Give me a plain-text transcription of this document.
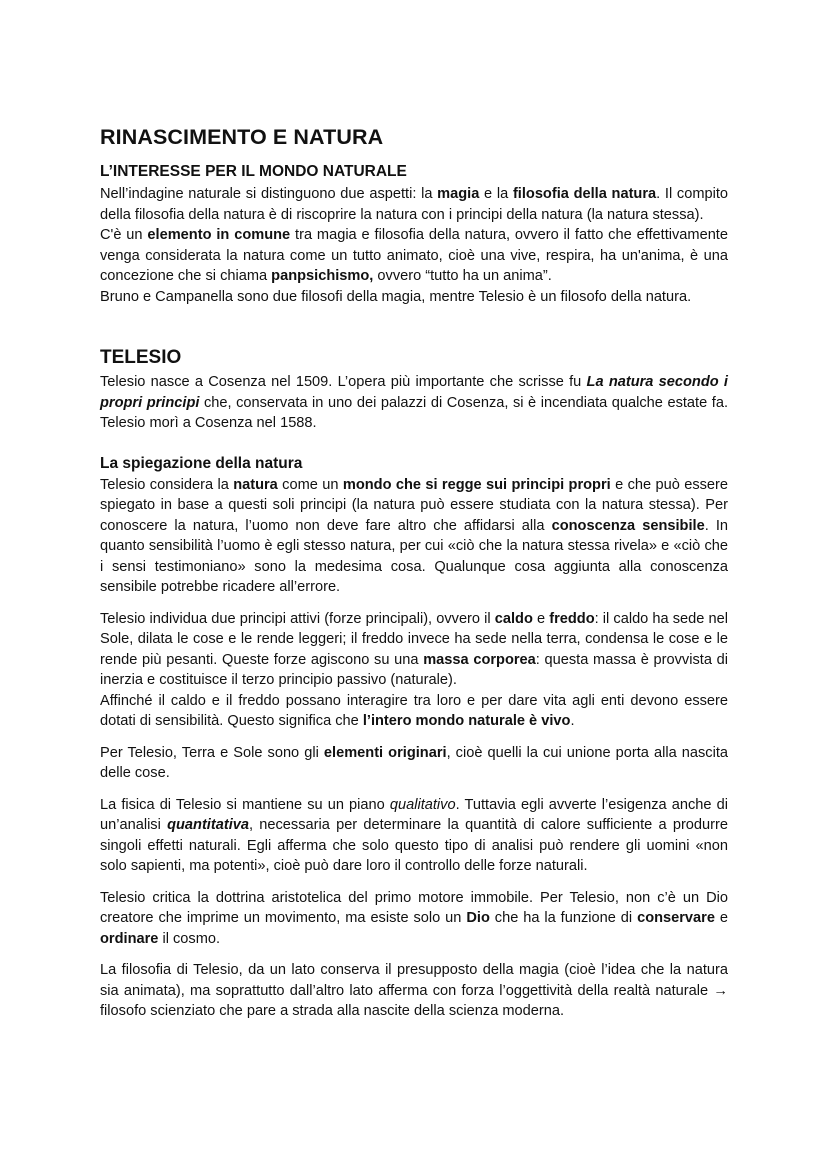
RINASCIMENTO E NATURA
L’INTERESSE PER IL MONDO NATURALE

Nell’indagine naturale si distinguono due aspetti: la magia e la filosofia della natura. Il compito della filosofia della natura è di riscoprire la natura con i principi della natura (la natura stessa).

C'è un elemento in comune tra magia e filosofia della natura, ovvero il fatto che effettivamente venga considerata la natura come un tutto animato, cioè una vive, respira, ha un'anima, è una concezione che si chiama panpsichismo, ovvero “tutto ha un anima”.

Bruno e Campanella sono due filosofi della magia, mentre Telesio è un filosofo della natura.

TELESIO

Telesio nasce a Cosenza nel 1509. L’opera più importante che scrisse fu La natura secondo i propri principi che, conservata in uno dei palazzi di Cosenza, si è incendiata qualche estate fa. Telesio morì a Cosenza nel 1588.

La spiegazione della natura

Telesio considera la natura come un mondo che si regge sui principi propri e che può essere spiegato in base a questi soli principi (la natura può essere studiata con la natura stessa). Per conoscere la natura, l’uomo non deve fare altro che affidarsi alla conoscenza sensibile. In quanto sensibilità l’uomo è egli stesso natura, per cui «ciò che la natura stessa rivela» e «ciò che i sensi testimoniano» sono la medesima cosa. Qualunque cosa aggiunta alla conoscenza sensibile potrebbe ricadere all’errore.

Telesio individua due principi attivi (forze principali), ovvero il caldo e freddo: il caldo ha sede nel Sole, dilata le cose e le rende leggeri; il freddo invece ha sede nella terra, condensa le cose e le rende più pesanti. Queste forze agiscono su una massa corporea: questa massa è provvista di inerzia e costituisce il terzo principio passivo (naturale).

Affinché il caldo e il freddo possano interagire tra loro e per dare vita agli enti devono essere dotati di sensibilità. Questo significa che l’intero mondo naturale è vivo.

Per Telesio, Terra e Sole sono gli elementi originari, cioè quelli la cui unione porta alla nascita delle cose.

La fisica di Telesio si mantiene su un piano qualitativo. Tuttavia egli avverte l’esigenza anche di un’analisi quantitativa, necessaria per determinare la quantità di calore sufficiente a produrre singoli effetti naturali. Egli afferma che solo questo tipo di analisi può rendere gli uomini «non solo sapienti, ma potenti», cioè può dare loro il controllo delle forze naturali.

Telesio critica la dottrina aristotelica del primo motore immobile. Per Telesio, non c’è un Dio creatore che imprime un movimento, ma esiste solo un Dio che ha la funzione di conservare e ordinare il cosmo.

La filosofia di Telesio, da un lato conserva il presupposto della magia (cioè l’idea che la natura sia animata), ma soprattutto dall’altro lato afferma con forza l’oggettività della realtà naturale → filosofo scienziato che pare a strada alla nascite della scienza moderna.
